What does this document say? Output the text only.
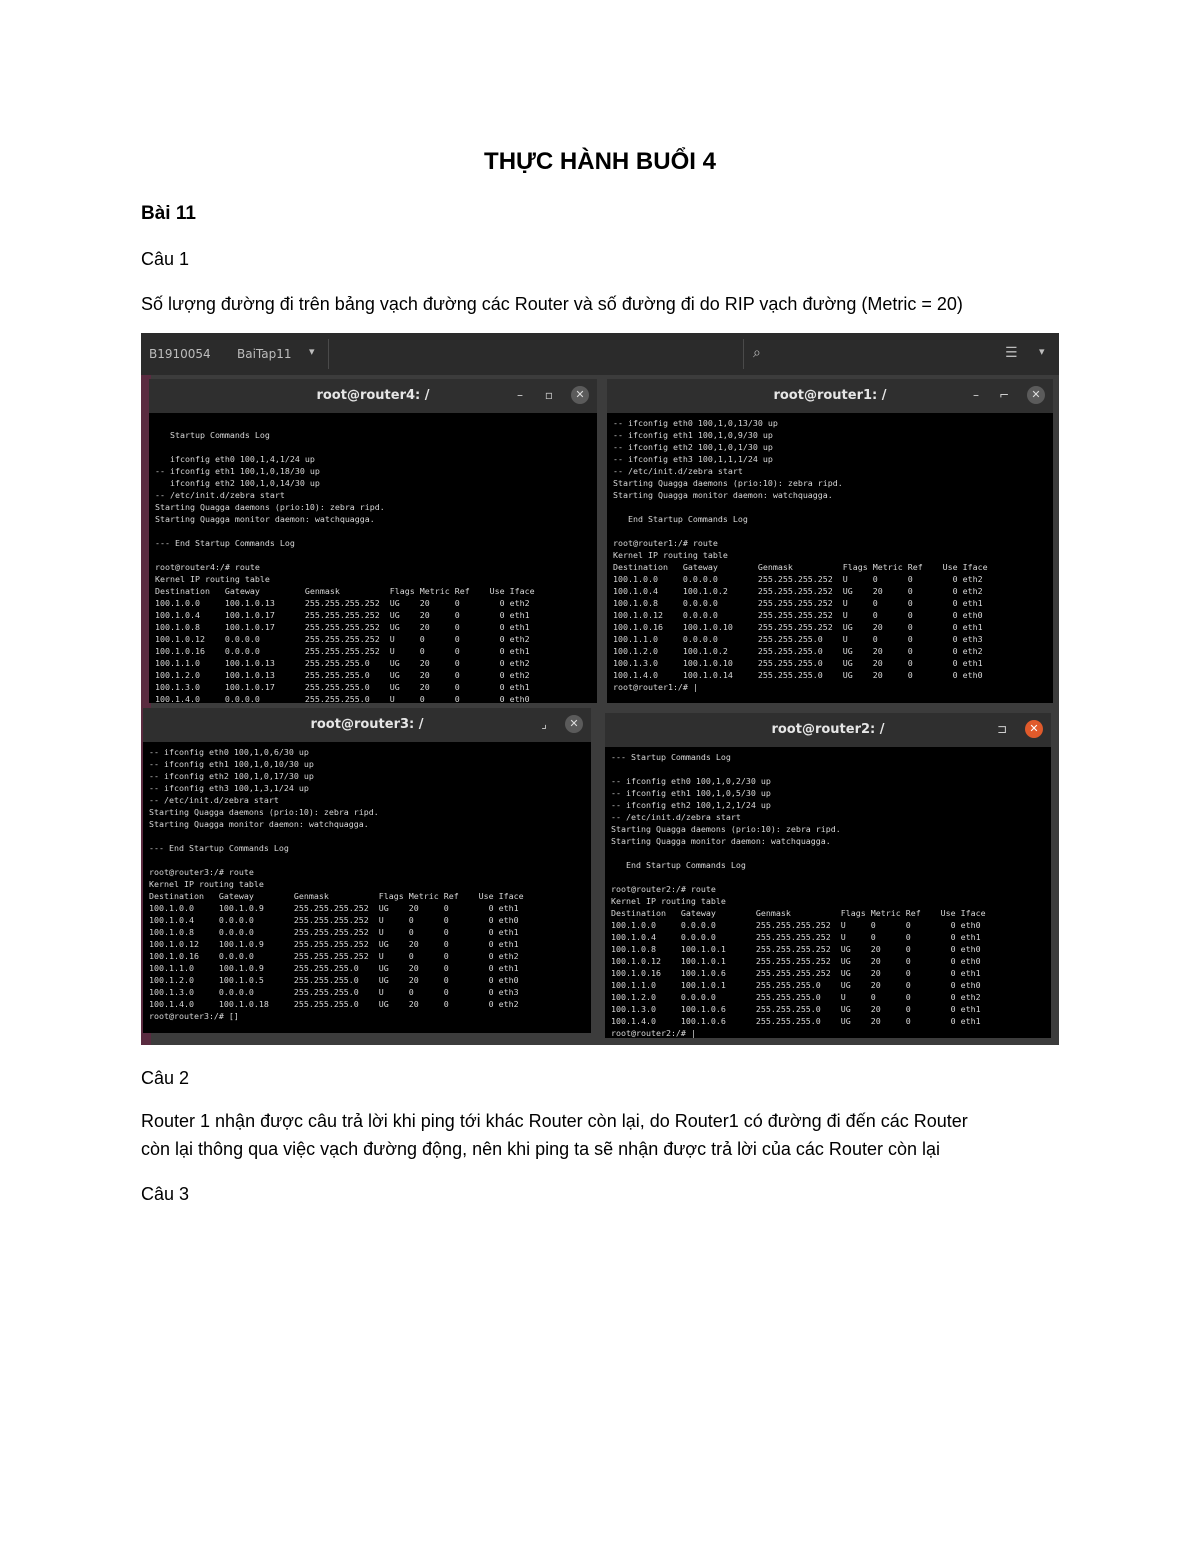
THỰC HÀNH BUỔI 4
Bài 11
Câu 1
Số lượng đường đi trên bảng vạch đường các Router và số đường đi do RIP vạch đường (Metric = 20)
B1910054 BaiTap11 ▾	⌕	☰ ▾
root@router4: /	– ▫	✕
Startup Commands Log
ifconfig eth0 100,1,4,1/24 up
-- ifconfig eth1 100,1,0,18/30 up
ifconfig eth2 100,1,0,14/30 up
-- /etc/init.d/zebra start
Starting Quagga daemons (prio:10): zebra ripd.
Starting Quagga monitor daemon: watchquagga.
--- End Startup Commands Log
root@router4:/# route
Kernel IP routing table
Destination   Gateway         Genmask          Flags Metric Ref    Use Iface
100.1.0.0     100.1.0.13      255.255.255.252  UG    20     0        0 eth2
100.1.0.4     100.1.0.17      255.255.255.252  UG    20     0        0 eth1
100.1.0.8     100.1.0.17      255.255.255.252  UG    20     0        0 eth1
100.1.0.12    0.0.0.0         255.255.255.252  U     0      0        0 eth2
100.1.0.16    0.0.0.0         255.255.255.252  U     0      0        0 eth1
100.1.1.0     100.1.0.13      255.255.255.0    UG    20     0        0 eth2
100.1.2.0     100.1.0.13      255.255.255.0    UG    20     0        0 eth2
100.1.3.0     100.1.0.17      255.255.255.0    UG    20     0        0 eth1
100.1.4.0     0.0.0.0         255.255.255.0    U     0      0        0 eth0
root@router1: /	– ⌐	✕
-- ifconfig eth0 100,1,0,13/30 up
-- ifconfig eth1 100,1,0,9/30 up
-- ifconfig eth2 100,1,0,1/30 up
-- ifconfig eth3 100,1,1,1/24 up
-- /etc/init.d/zebra start
Starting Quagga daemons (prio:10): zebra ripd.
Starting Quagga monitor daemon: watchquagga.
End Startup Commands Log
root@router1:/# route
Kernel IP routing table
Destination   Gateway        Genmask          Flags Metric Ref    Use Iface
100.1.0.0     0.0.0.0        255.255.255.252  U     0      0        0 eth2
100.1.0.4     100.1.0.2      255.255.255.252  UG    20     0        0 eth2
100.1.0.8     0.0.0.0        255.255.255.252  U     0      0        0 eth1
100.1.0.12    0.0.0.0        255.255.255.252  U     0      0        0 eth0
100.1.0.16    100.1.0.10     255.255.255.252  UG    20     0        0 eth1
100.1.1.0     0.0.0.0        255.255.255.0    U     0      0        0 eth3
100.1.2.0     100.1.0.2      255.255.255.0    UG    20     0        0 eth2
100.1.3.0     100.1.0.10     255.255.255.0    UG    20     0        0 eth1
100.1.4.0     100.1.0.14     255.255.255.0    UG    20     0        0 eth0
root@router1:/# |
root@router3: /	⌟	✕
-- ifconfig eth0 100,1,0,6/30 up
-- ifconfig eth1 100,1,0,10/30 up
-- ifconfig eth2 100,1,0,17/30 up
-- ifconfig eth3 100,1,3,1/24 up
-- /etc/init.d/zebra start
Starting Quagga daemons (prio:10): zebra ripd.
Starting Quagga monitor daemon: watchquagga.
--- End Startup Commands Log
root@router3:/# route
Kernel IP routing table
Destination   Gateway        Genmask          Flags Metric Ref    Use Iface
100.1.0.0     100.1.0.9      255.255.255.252  UG    20     0        0 eth1
100.1.0.4     0.0.0.0        255.255.255.252  U     0      0        0 eth0
100.1.0.8     0.0.0.0        255.255.255.252  U     0      0        0 eth1
100.1.0.12    100.1.0.9      255.255.255.252  UG    20     0        0 eth1
100.1.0.16    0.0.0.0        255.255.255.252  U     0      0        0 eth2
100.1.1.0     100.1.0.9      255.255.255.0    UG    20     0        0 eth1
100.1.2.0     100.1.0.5      255.255.255.0    UG    20     0        0 eth0
100.1.3.0     0.0.0.0        255.255.255.0    U     0      0        0 eth3
100.1.4.0     100.1.0.18     255.255.255.0    UG    20     0        0 eth2
root@router3:/# []
root@router2: /	⊐	✕
--- Startup Commands Log
-- ifconfig eth0 100,1,0,2/30 up
-- ifconfig eth1 100,1,0,5/30 up
-- ifconfig eth2 100,1,2,1/24 up
-- /etc/init.d/zebra start
Starting Quagga daemons (prio:10): zebra ripd.
Starting Quagga monitor daemon: watchquagga.
End Startup Commands Log
root@router2:/# route
Kernel IP routing table
Destination   Gateway        Genmask          Flags Metric Ref    Use Iface
100.1.0.0     0.0.0.0        255.255.255.252  U     0      0        0 eth0
100.1.0.4     0.0.0.0        255.255.255.252  U     0      0        0 eth1
100.1.0.8     100.1.0.1      255.255.255.252  UG    20     0        0 eth0
100.1.0.12    100.1.0.1      255.255.255.252  UG    20     0        0 eth0
100.1.0.16    100.1.0.6      255.255.255.252  UG    20     0        0 eth1
100.1.1.0     100.1.0.1      255.255.255.0    UG    20     0        0 eth0
100.1.2.0     0.0.0.0        255.255.255.0    U     0      0        0 eth2
100.1.3.0     100.1.0.6      255.255.255.0    UG    20     0        0 eth1
100.1.4.0     100.1.0.6      255.255.255.0    UG    20     0        0 eth1
root@router2:/# |
Câu 2
Router 1 nhận được câu trả lời khi ping tới khác Router còn lại, do Router1 có đường đi đến các Router
còn lại thông qua việc vạch đường động, nên khi ping ta sẽ nhận được trả lời của các Router còn lại
Câu 3
